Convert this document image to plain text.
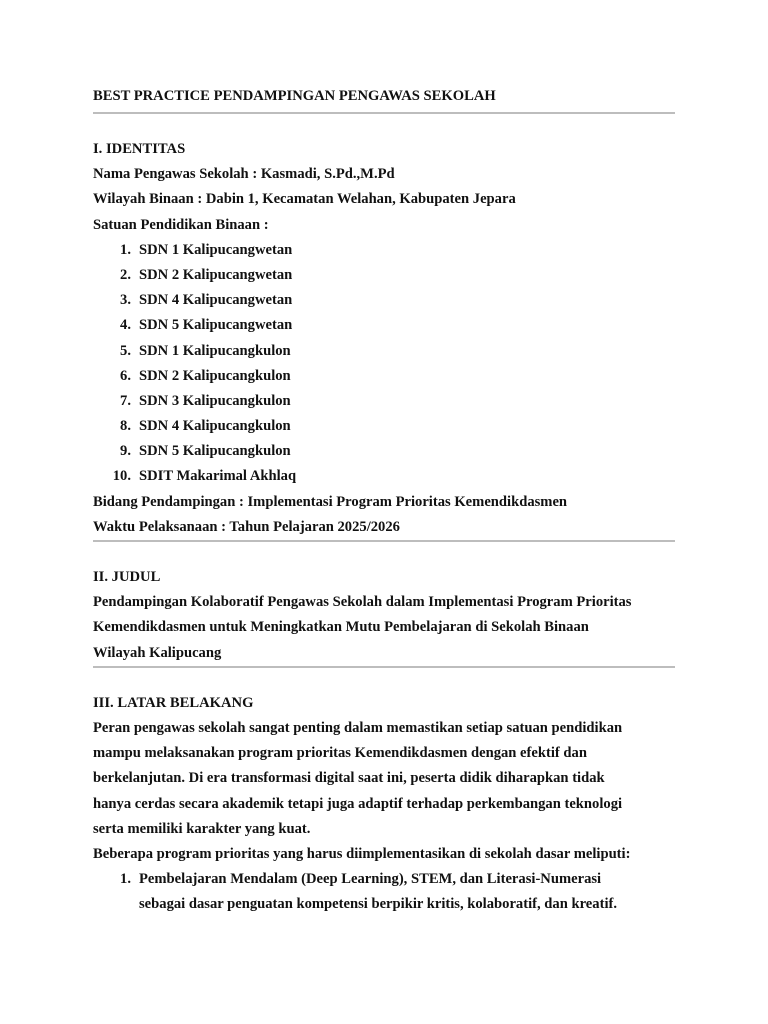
BEST PRACTICE PENDAMPINGAN PENGAWAS SEKOLAH
I. IDENTITAS
Nama Pengawas Sekolah : Kasmadi, S.Pd.,M.Pd
Wilayah Binaan : Dabin 1, Kecamatan Welahan, Kabupaten Jepara
Satuan Pendidikan Binaan :
1. SDN 1 Kalipucangwetan
2. SDN 2 Kalipucangwetan
3. SDN 4 Kalipucangwetan
4. SDN 5 Kalipucangwetan
5. SDN 1 Kalipucangkulon
6. SDN 2 Kalipucangkulon
7. SDN 3 Kalipucangkulon
8. SDN 4 Kalipucangkulon
9. SDN 5 Kalipucangkulon
10. SDIT Makarimal Akhlaq
Bidang Pendampingan : Implementasi Program Prioritas Kemendikdasmen
Waktu Pelaksanaan : Tahun Pelajaran 2025/2026
II. JUDUL
Pendampingan Kolaboratif Pengawas Sekolah dalam Implementasi Program Prioritas
Kemendikdasmen untuk Meningkatkan Mutu Pembelajaran di Sekolah Binaan
Wilayah Kalipucang
III. LATAR BELAKANG
Peran pengawas sekolah sangat penting dalam memastikan setiap satuan pendidikan
mampu melaksanakan program prioritas Kemendikdasmen dengan efektif dan
berkelanjutan. Di era transformasi digital saat ini, peserta didik diharapkan tidak
hanya cerdas secara akademik tetapi juga adaptif terhadap perkembangan teknologi
serta memiliki karakter yang kuat.
Beberapa program prioritas yang harus diimplementasikan di sekolah dasar meliputi:
1. Pembelajaran Mendalam (Deep Learning), STEM, dan Literasi-Numerasi
sebagai dasar penguatan kompetensi berpikir kritis, kolaboratif, dan kreatif.
